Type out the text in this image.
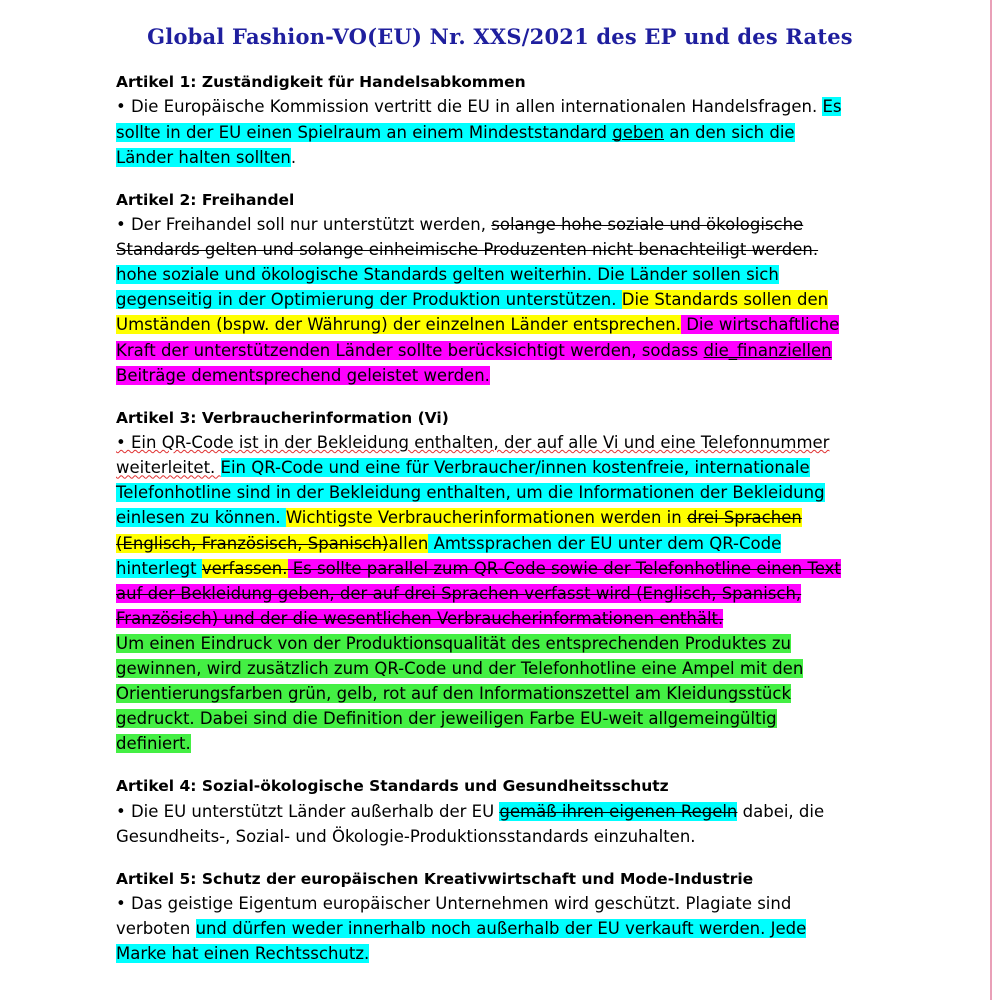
Global Fashion-VO(EU) Nr. XXS/2021 des EP und des Rates
Artikel 1: Zuständigkeit für Handelsabkommen
• Die Europäische Kommission vertritt die EU in allen internationalen Handelsfragen. Es sollte in der EU einen Spielraum an einem Mindeststandard geben an den sich die Länder halten sollten.
Artikel 2: Freihandel
• Der Freihandel soll nur unterstützt werden, solange hohe soziale und ökologische Standards gelten und solange einheimische Produzenten nicht benachteiligt werden. hohe soziale und ökologische Standards gelten weiterhin. Die Länder sollen sich gegenseitig in der Optimierung der Produktion unterstützen. Die Standards sollen den Umständen (bspw. der Währung) der einzelnen Länder entsprechen. Die wirtschaftliche Kraft der unterstützenden Länder sollte berücksichtigt werden, sodass die_finanziellen Beiträge dementsprechend geleistet werden.
Artikel 3: Verbraucherinformation (Vi)
• Ein QR-Code ist in der Bekleidung enthalten, der auf alle Vi und eine Telefonnummer weiterleitet. Ein QR-Code und eine für Verbraucher/innen kostenfreie, internationale Telefonhotline sind in der Bekleidung enthalten, um die Informationen der Bekleidung einlesen zu können. Wichtigste Verbraucherinformationen werden in drei Sprachen (Englisch, Französisch, Spanisch)allen Amtssprachen der EU unter dem QR-Code hinterlegt verfassen. Es sollte parallel zum QR-Code sowie der Telefonhotline einen Text auf der Bekleidung geben, der auf drei Sprachen verfasst wird (Englisch, Spanisch, Französisch) und der die wesentlichen Verbraucherinformationen enthält.
Um einen Eindruck von der Produktionsqualität des entsprechenden Produktes zu gewinnen, wird zusätzlich zum QR-Code und der Telefonhotline eine Ampel mit den Orientierungsfarben grün, gelb, rot auf den Informationszettel am Kleidungsstück gedruckt. Dabei sind die Definition der jeweiligen Farbe EU-weit allgemeingültig definiert.
Artikel 4: Sozial-ökologische Standards und Gesundheitsschutz
• Die EU unterstützt Länder außerhalb der EU gemäß ihren eigenen Regeln dabei, die Gesundheits-, Sozial- und Ökologie-Produktionsstandards einzuhalten.
Artikel 5: Schutz der europäischen Kreativwirtschaft und Mode-Industrie
• Das geistige Eigentum europäischer Unternehmen wird geschützt. Plagiate sind verboten und dürfen weder innerhalb noch außerhalb der EU verkauft werden. Jede Marke hat einen Rechtsschutz.
